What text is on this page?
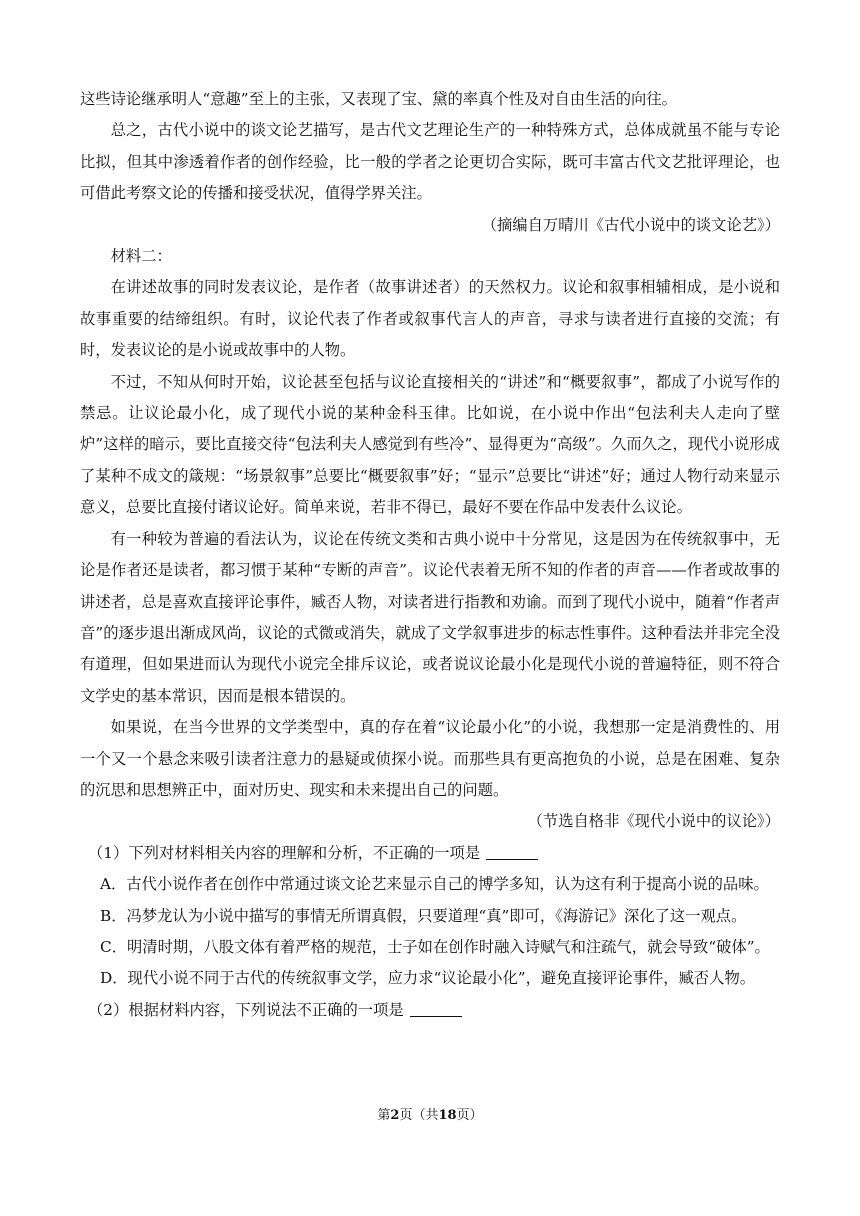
这些诗论继承明人“意趣”至上的主张，又表现了宝、黛的率真个性及对自由生活的向往。

总之，古代小说中的谈文论艺描写，是古代文艺理论生产的一种特殊方式，总体成就虽不能与专论比拟，但其中渗透着作者的创作经验，比一般的学者之论更切合实际，既可丰富古代文艺批评理论，也可借此考察文论的传播和接受状况，值得学界关注。

（摘编自万晴川《古代小说中的谈文论艺》）

材料二：

在讲述故事的同时发表议论，是作者（故事讲述者）的天然权力。议论和叙事相辅相成，是小说和故事重要的结缔组织。有时，议论代表了作者或叙事代言人的声音，寻求与读者进行直接的交流；有时，发表议论的是小说或故事中的人物。

不过，不知从何时开始，议论甚至包括与议论直接相关的“讲述”和“概要叙事”，都成了小说写作的禁忌。让议论最小化，成了现代小说的某种金科玉律。比如说，在小说中作出“包法利夫人走向了壁炉”这样的暗示，要比直接交待“包法利夫人感觉到有些冷”、显得更为“高级”。久而久之，现代小说形成了某种不成文的箴规：“场景叙事”总要比“概要叙事”好；“显示”总要比“讲述”好；通过人物行动来显示意义，总要比直接付诸议论好。简单来说，若非不得已，最好不要在作品中发表什么议论。

有一种较为普遍的看法认为，议论在传统文类和古典小说中十分常见，这是因为在传统叙事中，无论是作者还是读者，都习惯于某种“专断的声音”。议论代表着无所不知的作者的声音——作者或故事的讲述者，总是喜欢直接评论事件，臧否人物，对读者进行指教和劝谕。而到了现代小说中，随着“作者声音”的逐步退出渐成风尚，议论的式微或消失，就成了文学叙事进步的标志性事件。这种看法并非完全没有道理，但如果进而认为现代小说完全排斥议论，或者说议论最小化是现代小说的普遍特征，则不符合文学史的基本常识，因而是根本错误的。

如果说，在当今世界的文学类型中，真的存在着“议论最小化”的小说，我想那一定是消费性的、用一个又一个悬念来吸引读者注意力的悬疑或侦探小说。而那些具有更高抱负的小说，总是在困难、复杂的沉思和思想辨正中，面对历史、现实和未来提出自己的问题。

（节选自格非《现代小说中的议论》）

（1）下列对材料相关内容的理解和分析，不正确的一项是

A．古代小说作者在创作中常通过谈文论艺来显示自己的博学多知，认为这有利于提高小说的品味。

B．冯梦龙认为小说中描写的事情无所谓真假，只要道理“真”即可，《海游记》深化了这一观点。

C．明清时期，八股文体有着严格的规范，士子如在创作时融入诗赋气和注疏气，就会导致“破体”。

D．现代小说不同于古代的传统叙事文学，应力求“议论最小化”，避免直接评论事件，臧否人物。

（2）根据材料内容，下列说法不正确的一项是

第2页（共18页）
